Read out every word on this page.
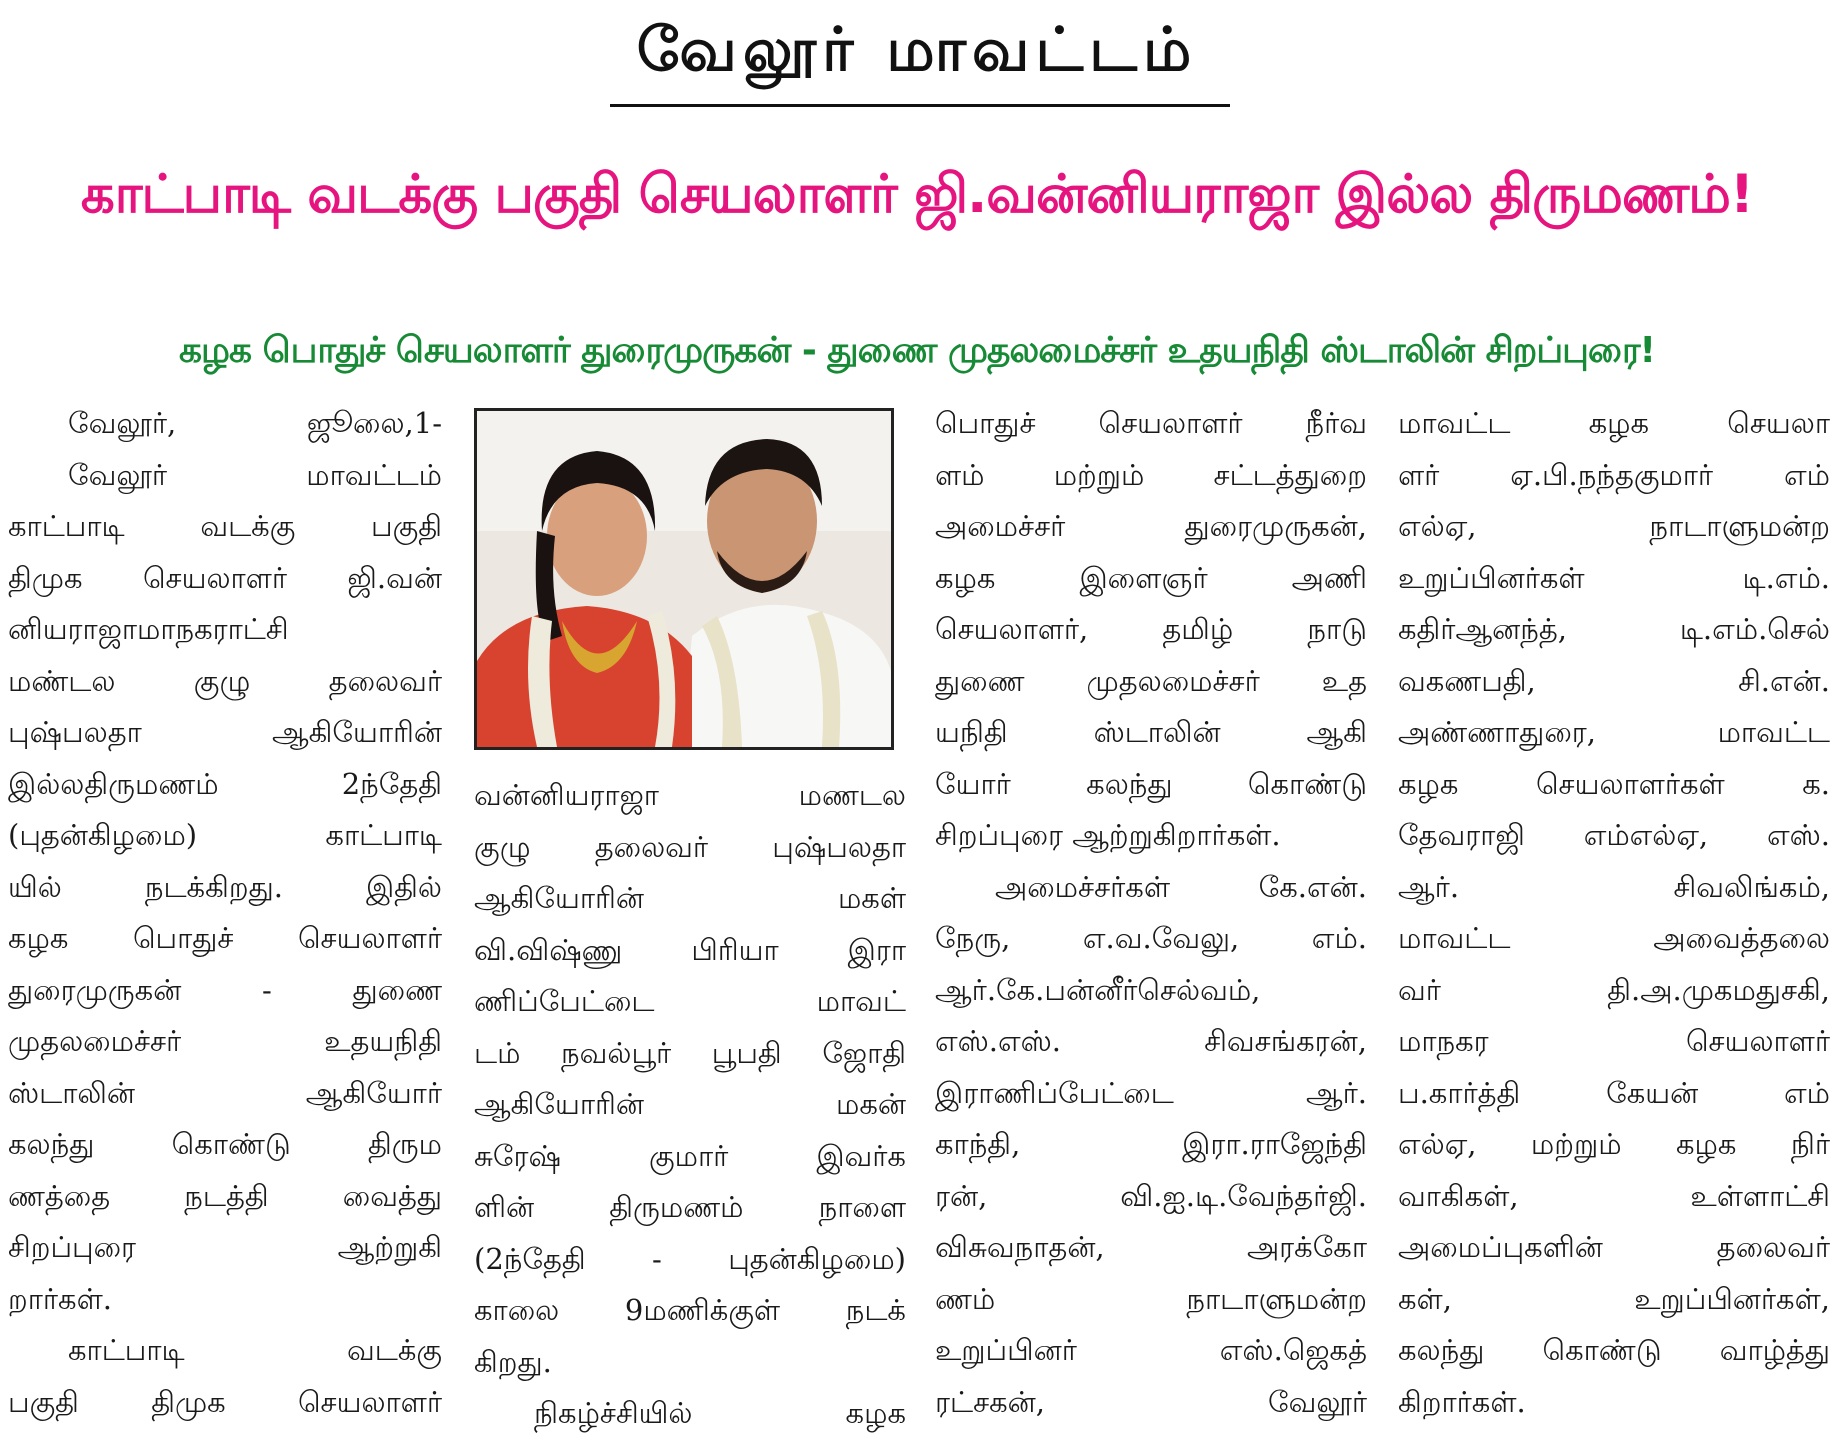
வேலூர் மாவட்டம்
காட்பாடி வடக்கு பகுதி செயலாளர் ஜி.வன்னியராஜா இல்ல திருமணம்!
கழக பொதுச் செயலாளர் துரைமுருகன் - துணை முதலமைச்சர் உதயநிதி ஸ்டாலின் சிறப்புரை!

வேலூர், ஜூலை,1-

வேலூர் மாவட்டம்

காட்பாடி வடக்கு பகுதி

திமுக செயலாளர் ஜி.வன்

னியராஜாமாநகராட்சி

மண்டல குழு தலைவர்

புஷ்பலதா ஆகியோரின்

இல்லதிருமணம் 2ந்தேதி

(புதன்கிழமை) காட்பாடி

யில் நடக்கிறது. இதில்

கழக பொதுச் செயலாளர்

துரைமுருகன் - துணை

முதலமைச்சர் உதயநிதி

ஸ்டாலின் ஆகியோர்

கலந்து கொண்டு திரும

ணத்தை நடத்தி வைத்து

சிறப்புரை ஆற்றுகி

றார்கள்.

காட்பாடி வடக்கு

பகுதி திமுக செயலாளர்

வன்னியராஜா மணடல

குழு தலைவர் புஷ்பலதா

ஆகியோரின் மகள்

வி.விஷ்ணு பிரியா இரா

ணிப்பேட்டை மாவட்

டம் நவல்பூர் பூபதி ஜோதி

ஆகியோரின் மகன்

சுரேஷ் குமார் இவர்க

ளின் திருமணம் நாளை

(2ந்தேதி - புதன்கிழமை)

காலை 9மணிக்குள் நடக்

கிறது.

நிகழ்ச்சியில் கழக

பொதுச் செயலாளர் நீர்வ

ளம் மற்றும் சட்டத்துறை

அமைச்சர் துரைமுருகன்,

கழக இளைஞர் அணி

செயலாளர், தமிழ் நாடு

துணை முதலமைச்சர் உத

யநிதி ஸ்டாலின் ஆகி

யோர் கலந்து கொண்டு

சிறப்புரை ஆற்றுகிறார்கள்.

அமைச்சர்கள் கே.என்.

நேரு, எ.வ.வேலு, எம்.

ஆர்.கே.பன்னீர்செல்வம்,

எஸ்.எஸ். சிவசங்கரன்,

இராணிப்பேட்டை ஆர்.

காந்தி, இரா.ராஜேந்தி

ரன், வி.ஐ.டி.வேந்தர்ஜி.

விசுவநாதன், அரக்கோ

ணம் நாடாளுமன்ற

உறுப்பினர் எஸ்.ஜெகத்

ரட்சகன், வேலூர்

மாவட்ட கழக செயலா

ளர் ஏ.பி.நந்தகுமார் எம்

எல்ஏ, நாடாளுமன்ற

உறுப்பினர்கள் டி.எம்.

கதிர்ஆனந்த், டி.எம்.செல்

வகணபதி, சி.என்.

அண்ணாதுரை, மாவட்ட

கழக செயலாளர்கள் க.

தேவராஜி எம்எல்ஏ, எஸ்.

ஆர். சிவலிங்கம்,

மாவட்ட அவைத்தலை

வர் தி.அ.முகமதுசகி,

மாநகர செயலாளர்

ப.கார்த்தி கேயன் எம்

எல்ஏ, மற்றும் கழக நிர்

வாகிகள், உள்ளாட்சி

அமைப்புகளின் தலைவர்

கள், உறுப்பினர்கள்,

கலந்து கொண்டு வாழ்த்து

கிறார்கள்.
